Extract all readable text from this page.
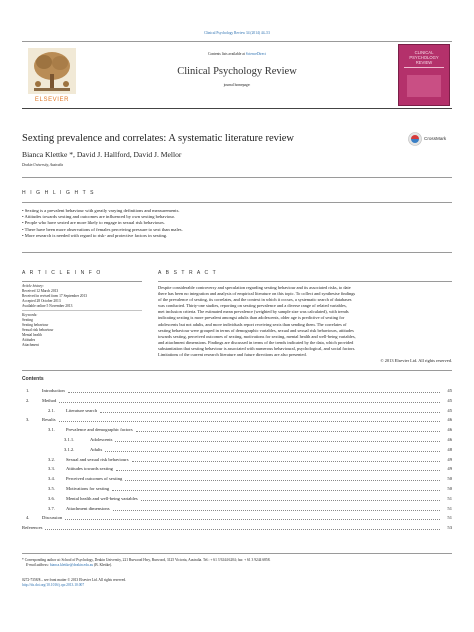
Clinical Psychology Review 34 (2014) 44–53
ELSEVIER
Contents lists available at ScienceDirect
Clinical Psychology Review
journal homepage:
CLINICAL PSYCHOLOGY REVIEW
Sexting prevalence and correlates: A systematic literature review	CrossMark
Bianca Klettke *, David J. Hallford, David J. Mellor
Deakin University, Australia
H I G H L I G H T S
• Sexting is a prevalent behaviour with greatly varying definitions and measurements.
• Attitudes towards sexting and outcomes are influenced by own sexting behaviour.
• People who have sexted are more likely to engage in sexual risk behaviours.
• There have been more observations of females perceiving pressure to sext than males.
• More research is needed with regard to risk- and protective factors in sexting.
A R T I C L E I N F O
Article history:
Received 12 March 2013
Received in revised form 17 September 2013
Accepted 28 October 2013
Available online 5 November 2013
Keywords:
Sexting
Sexting behaviour
Sexual risk behaviour
Mental health
Attitudes
Attachment
A B S T R A C T
Despite considerable controversy and speculation regarding sexting behaviour and its associated risks, to date
there has been no integration and analysis of empirical literature on this topic. To collect and synthesise findings
of the prevalence of sexting, its correlates, and the context in which it occurs, a systematic search of databases
was conducted. Thirty-one studies, reporting on sexting prevalence and a diverse range of related variables,
met inclusion criteria. The estimated mean prevalence (weighted by sample size was calculated), with trends
indicating sexting is more prevalent amongst adults than adolescents, older age is predictive of sexting for
adolescents but not adults, and more individuals report receiving sexts than sending them. The correlates of
sexting behaviour were grouped in terms of demographic variables, sexual and sexual risk behaviours, attitudes
towards sexting, perceived outcomes of sexting, motivations for sexting, mental health and well-being variables,
and attachment dimensions. Findings are discussed in terms of the trends indicated by the data, which provided
substantiation that sexting behaviour is associated with numerous behavioural, psychological, and social factors.
Limitations of the current research literature and future directions are also presented.
© 2013 Elsevier Ltd. All rights reserved.
Contents
1.	Introduction	45
2.	Method	45
2.1. Literature search	45
3.	Results	46
3.1. Prevalence and demographic factors	46
3.1.1.	Adolescents	46
3.1.2.	Adults	48
3.2. Sexual and sexual risk behaviours	49
3.3. Attitudes towards sexting	49
3.4. Perceived outcomes of sexting	50
3.5. Motivations for sexting	50
3.6. Mental health and well-being variables	51
3.7. Attachment dimensions	51
4.	Discussion	51
References	53
* Corresponding author at: School of Psychology, Deakin University, 221 Burwood Hwy, Burwood, 3125 Victoria, Australia. Tel.: + 61 3 9244 6204; fax: + 61 3 9244 6858.
E-mail address: bianca.klettke@deakin.edu.au (B. Klettke).
0272-7358/$ – see front matter © 2013 Elsevier Ltd. All rights reserved.
http://dx.doi.org/10.1016/j.cpr.2013.10.007
